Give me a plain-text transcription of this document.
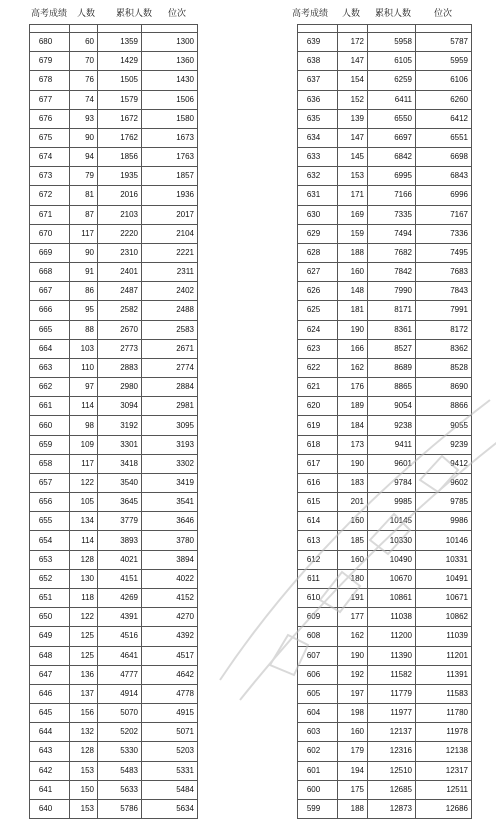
高考成绩	人数	累积人数	位次	高考成绩	人数	累积人数	位次

680	60	1359	1300
679	70	1429	1360
678	76	1505	1430
677	74	1579	1506
676	93	1672	1580
675	90	1762	1673
674	94	1856	1763
673	79	1935	1857
672	81	2016	1936
671	87	2103	2017
670	117	2220	2104
669	90	2310	2221
668	91	2401	2311
667	86	2487	2402
666	95	2582	2488
665	88	2670	2583
664	103	2773	2671
663	110	2883	2774
662	97	2980	2884
661	114	3094	2981
660	98	3192	3095
659	109	3301	3193
658	117	3418	3302
657	122	3540	3419
656	105	3645	3541
655	134	3779	3646
654	114	3893	3780
653	128	4021	3894
652	130	4151	4022
651	118	4269	4152
650	122	4391	4270
649	125	4516	4392
648	125	4641	4517
647	136	4777	4642
646	137	4914	4778
645	156	5070	4915
644	132	5202	5071
643	128	5330	5203
642	153	5483	5331
641	150	5633	5484
640	153	5786	5634

639	172	5958	5787
638	147	6105	5959
637	154	6259	6106
636	152	6411	6260
635	139	6550	6412
634	147	6697	6551
633	145	6842	6698
632	153	6995	6843
631	171	7166	6996
630	169	7335	7167
629	159	7494	7336
628	188	7682	7495
627	160	7842	7683
626	148	7990	7843
625	181	8171	7991
624	190	8361	8172
623	166	8527	8362
622	162	8689	8528
621	176	8865	8690
620	189	9054	8866
619	184	9238	9055
618	173	9411	9239
617	190	9601	9412
616	183	9784	9602
615	201	9985	9785
614	160	10145	9986
613	185	10330	10146
612	160	10490	10331
611	180	10670	10491
610	191	10861	10671
609	177	11038	10862
608	162	11200	11039
607	190	11390	11201
606	192	11582	11391
605	197	11779	11583
604	198	11977	11780
603	160	12137	11978
602	179	12316	12138
601	194	12510	12317
600	175	12685	12511
599	188	12873	12686
